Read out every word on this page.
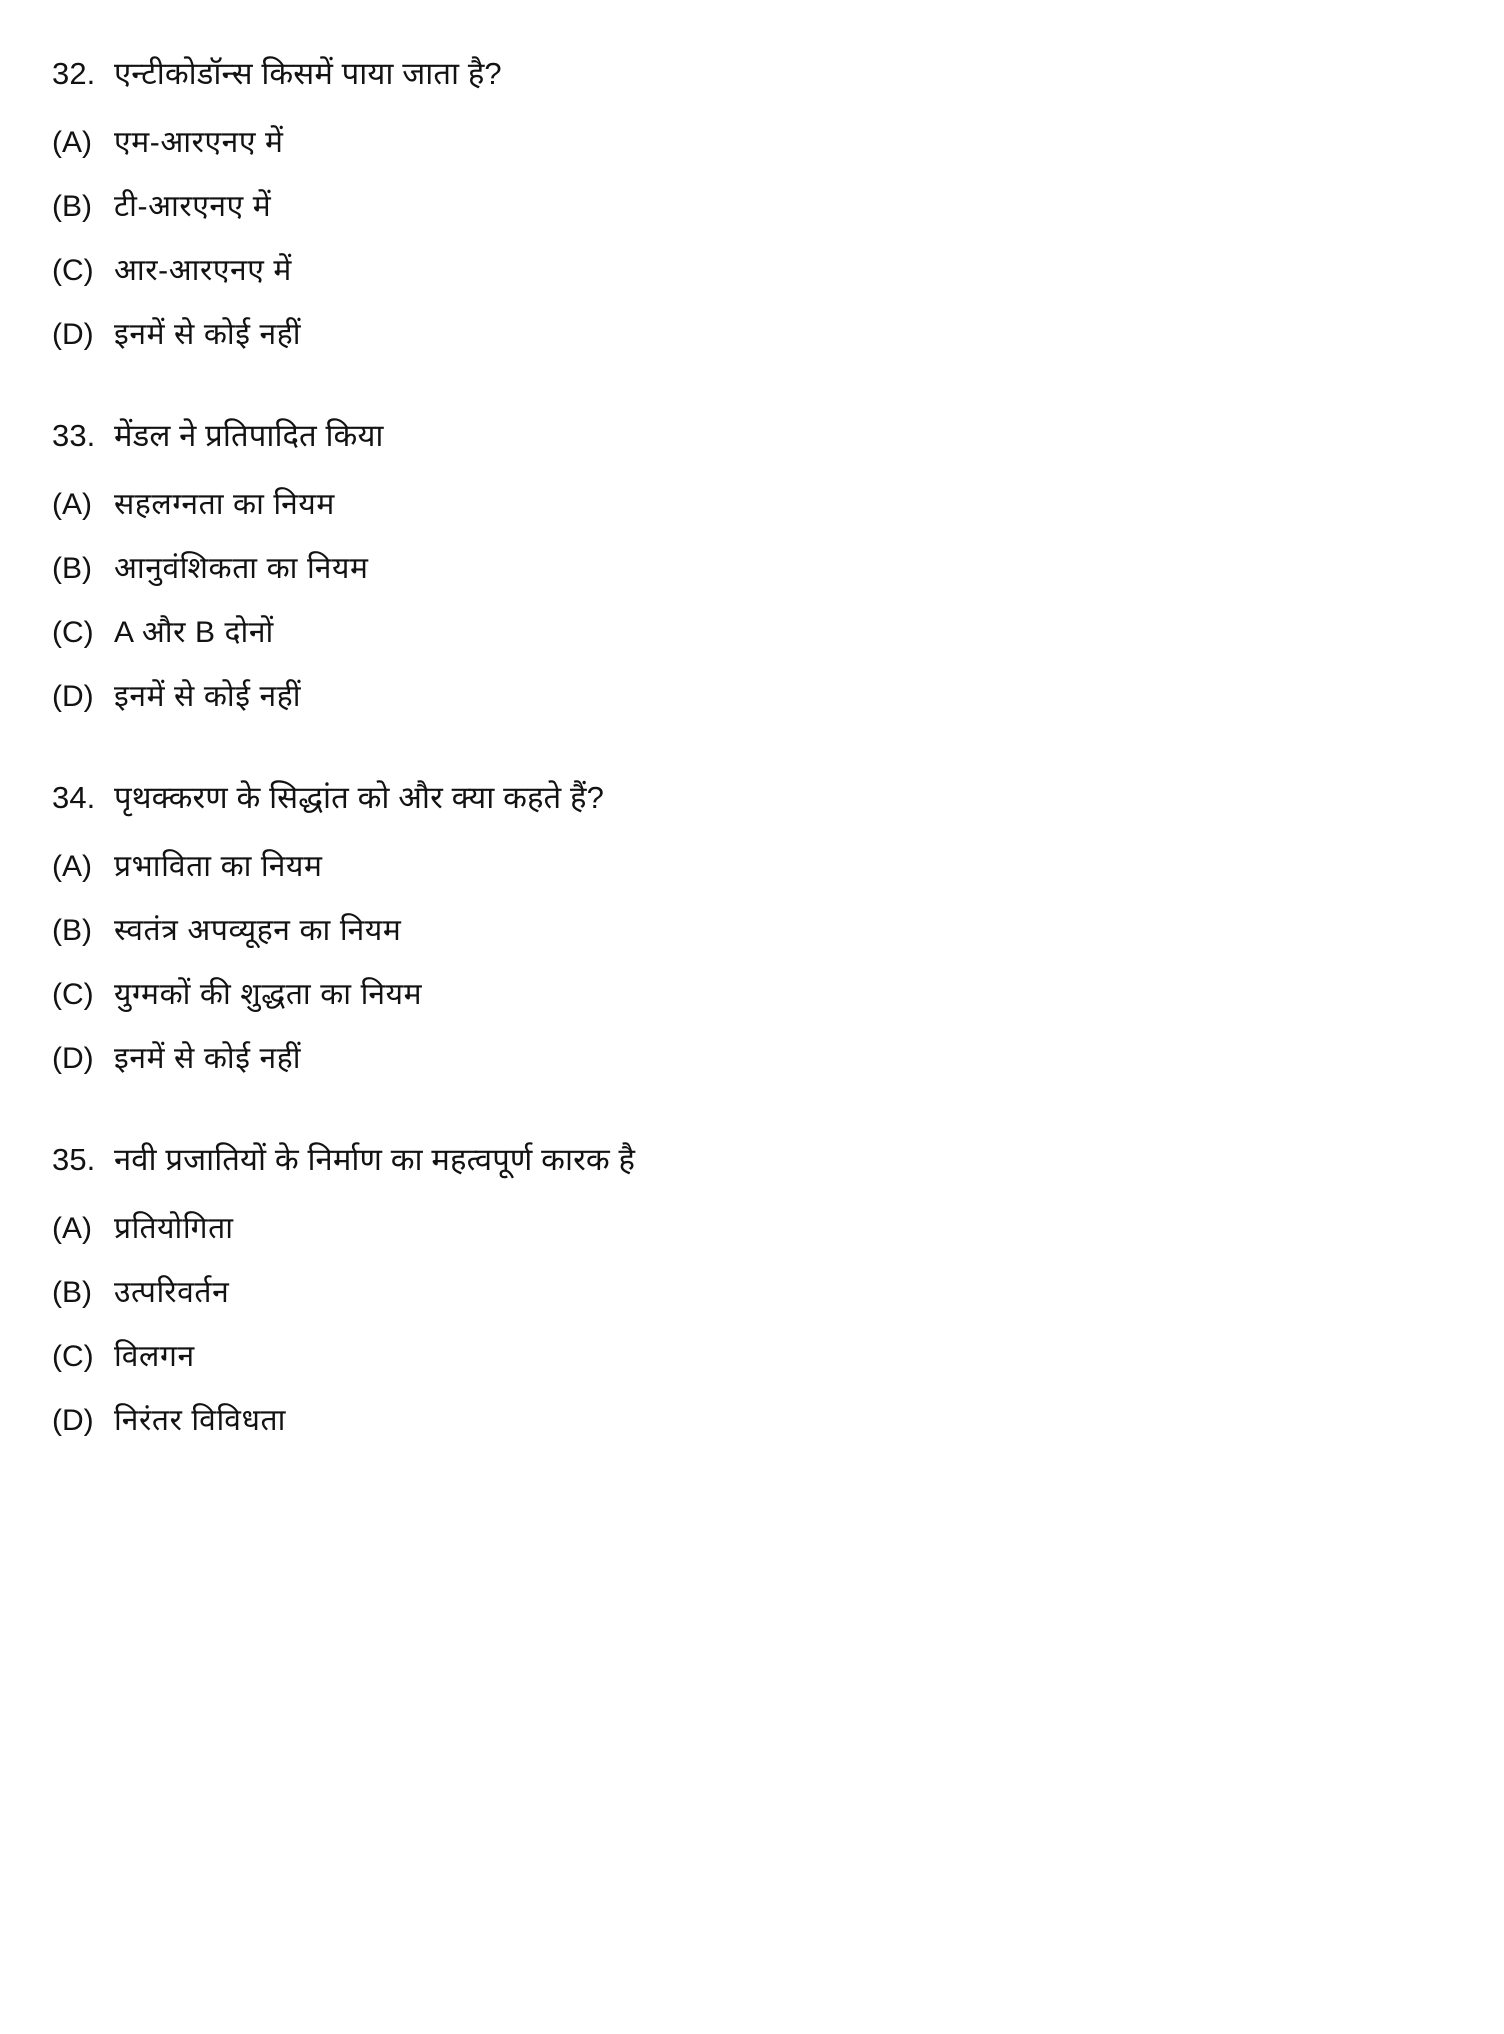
32. एन्टीकोडॉन्स किसमें पाया जाता है?
(A) एम-आरएनए में
(B) टी-आरएनए में
(C) आर-आरएनए में
(D) इनमें से कोई नहीं
33. मेंडल ने प्रतिपादित किया
(A) सहलग्नता का नियम
(B) आनुवंशिकता का नियम
(C) A और B दोनों
(D) इनमें से कोई नहीं
34. पृथक्करण के सिद्धांत को और क्या कहते हैं?
(A) प्रभाविता का नियम
(B) स्वतंत्र अपव्यूहन का नियम
(C) युग्मकों की शुद्धता का नियम
(D) इनमें से कोई नहीं
35. नवी प्रजातियों के निर्माण का महत्वपूर्ण कारक है
(A) प्रतियोगिता
(B) उत्परिवर्तन
(C) विलगन
(D) निरंतर विविधता
